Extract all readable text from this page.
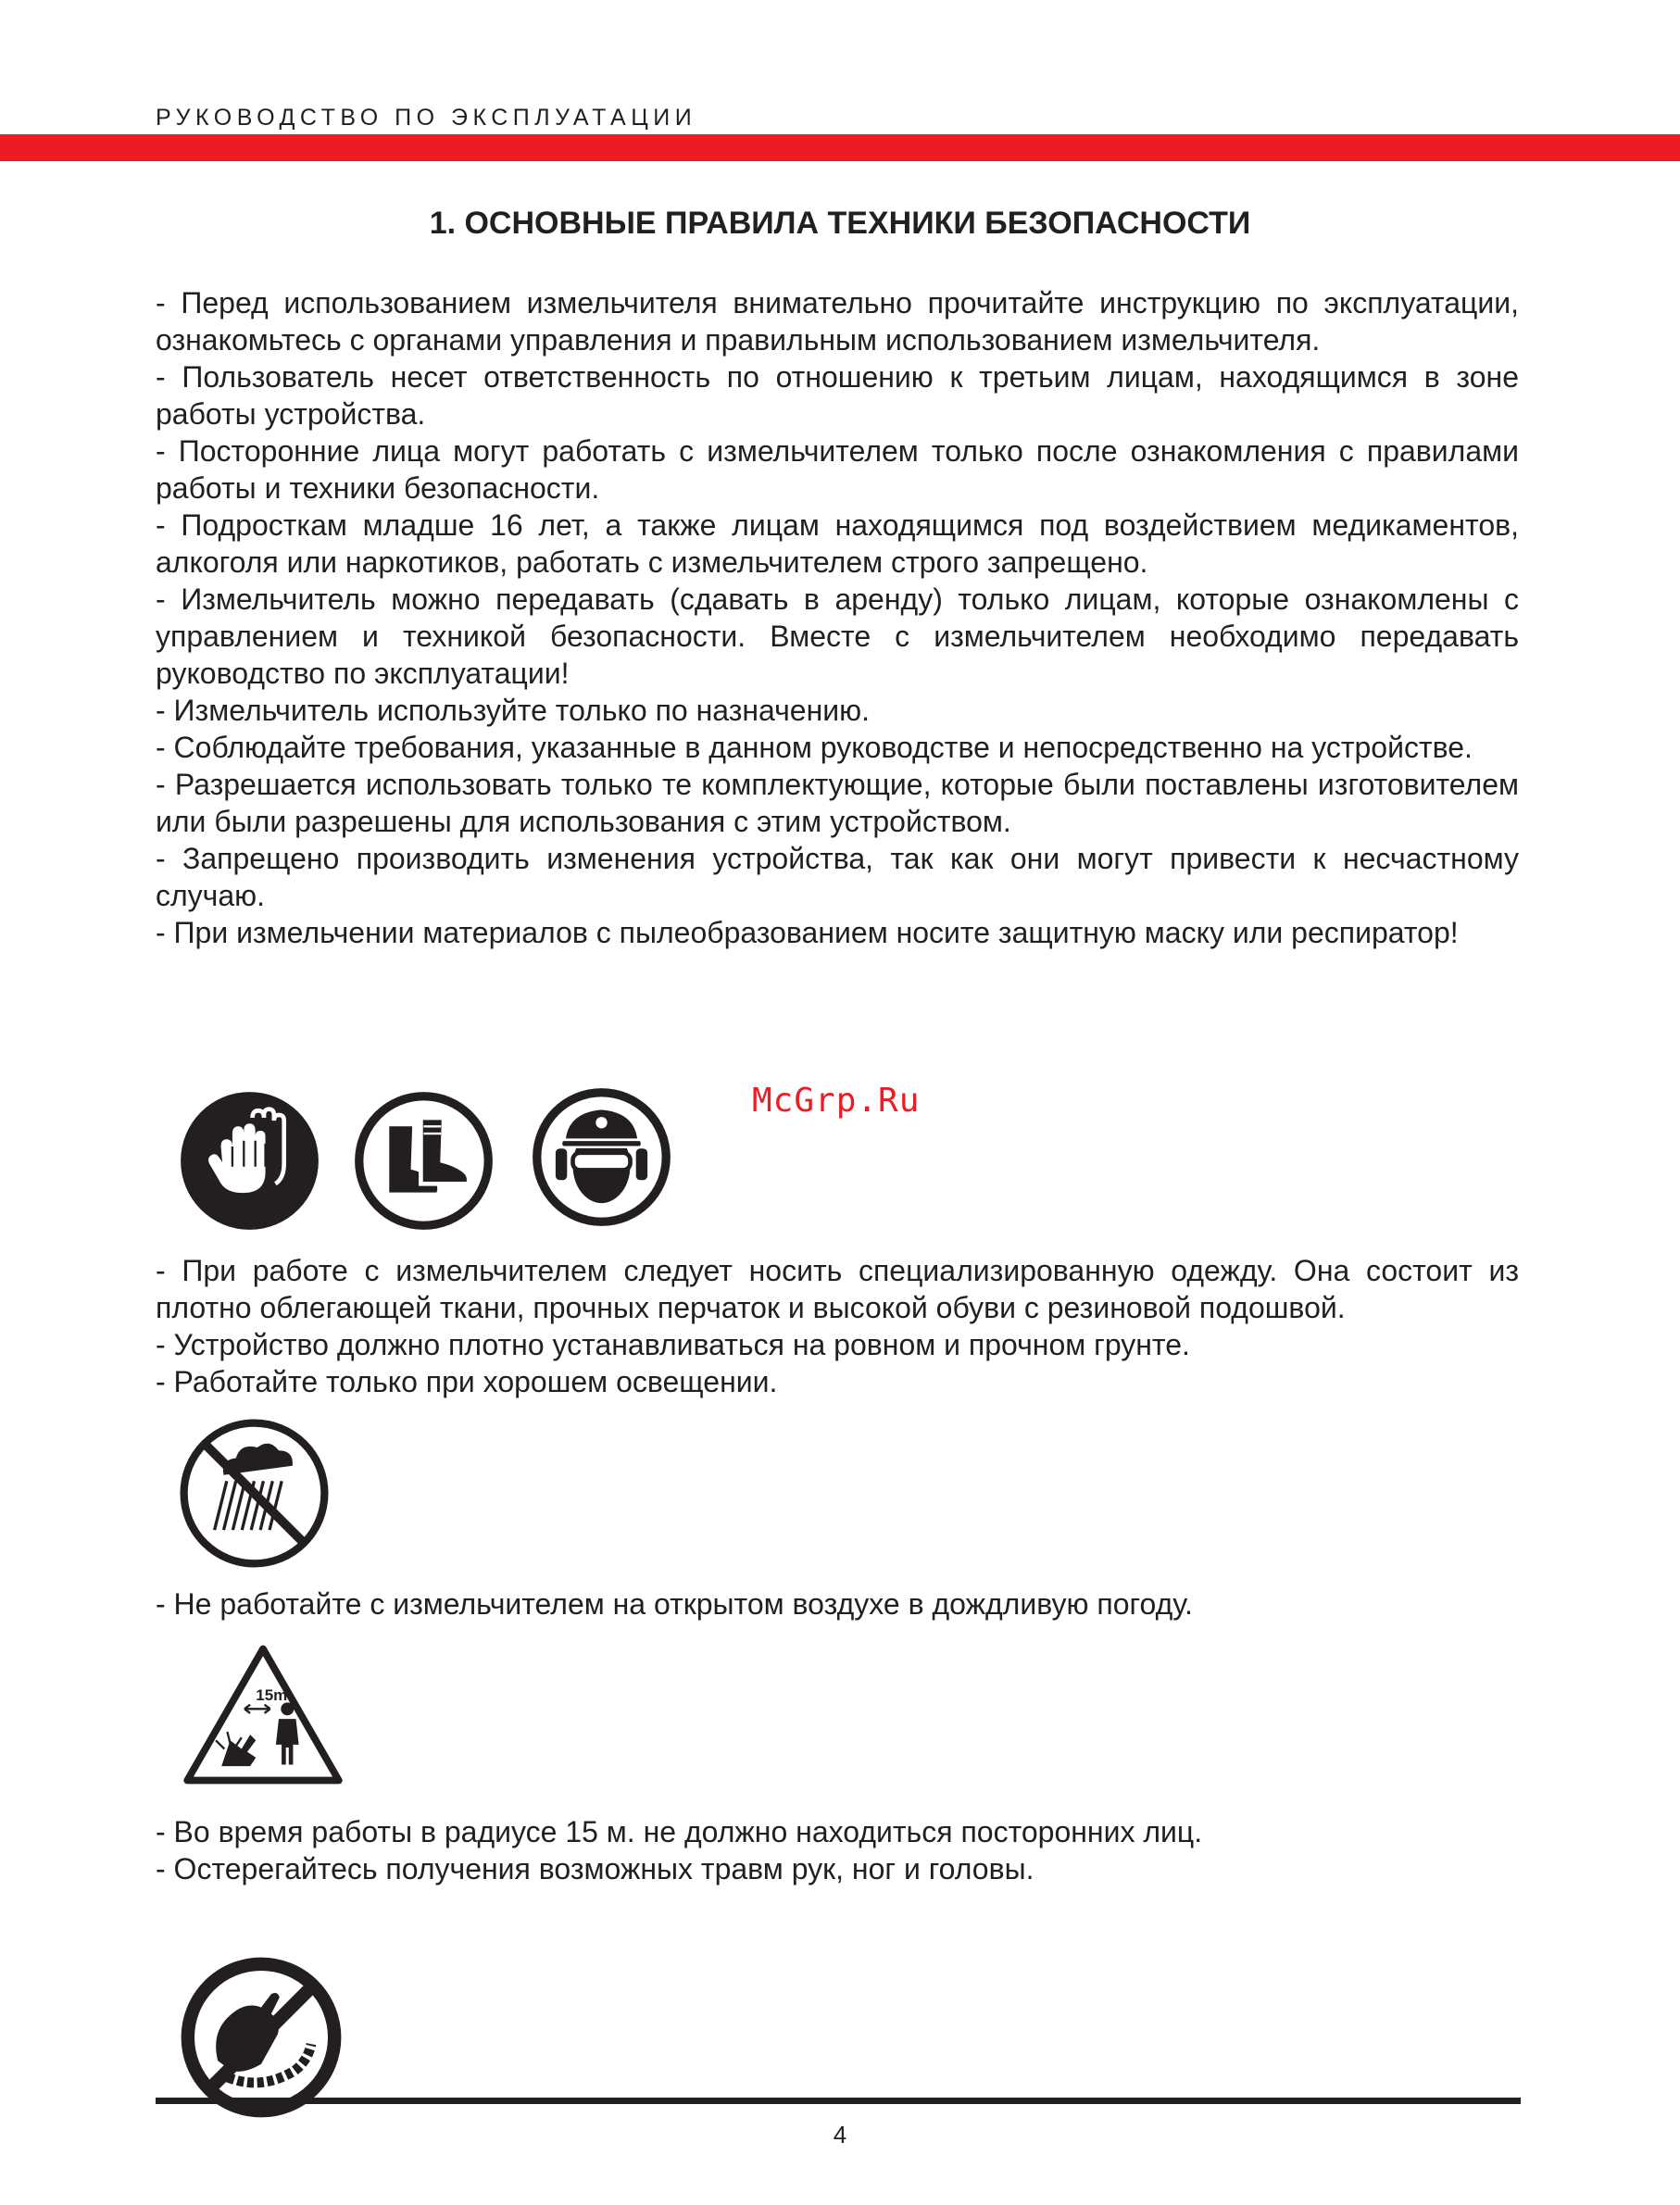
РУКОВОДСТВО ПО ЭКСПЛУАТАЦИИ
1. ОСНОВНЫЕ ПРАВИЛА ТЕХНИКИ БЕЗОПАСНОСТИ

- Перед использованием измельчителя внимательно прочитайте инструкцию по эксплуатации, ознакомьтесь с органами управления и правильным использованием измельчителя.

- Пользователь несет ответственность по отношению к третьим лицам, находящимся в зоне работы устройства.

- Посторонние лица могут работать с измельчителем только после ознакомления с правилами работы и техники безопасности.

- Подросткам младше 16 лет, а также лицам находящимся под воздействием медикаментов, алкоголя или наркотиков, работать с измельчителем строго запрещено.

- Измельчитель можно передавать (сдавать в аренду) только лицам, которые ознакомлены с управлением и техникой безопасности. Вместе с измельчителем необходимо передавать руководство по эксплуатации!

- Измельчитель используйте только по назначению.

- Соблюдайте требования, указанные в данном руководстве и непосредственно на устройстве.

- Разрешается использовать только те комплектующие, которые были поставлены изготовителем или были разрешены для использования с этим устройством.

- Запрещено производить изменения устройства, так как они могут привести к несчастному случаю.

- При измельчении материалов с пылеобразованием носите защитную маску или респиратор!

McGrp.Ru

- При работе с измельчителем следует носить специализированную одежду. Она состоит из плотно облегающей ткани, прочных перчаток и высокой обуви с резиновой подошвой.

- Устройство должно плотно устанавливаться на ровном и прочном грунте.

- Работайте только при хорошем освещении.

- Не работайте с измельчителем на открытом воздухе в дождливую погоду.

15m

- Во время работы в радиусе 15 м. не должно находиться посторонних лиц.

- Остерегайтесь получения возможных травм рук, ног и головы.

4
